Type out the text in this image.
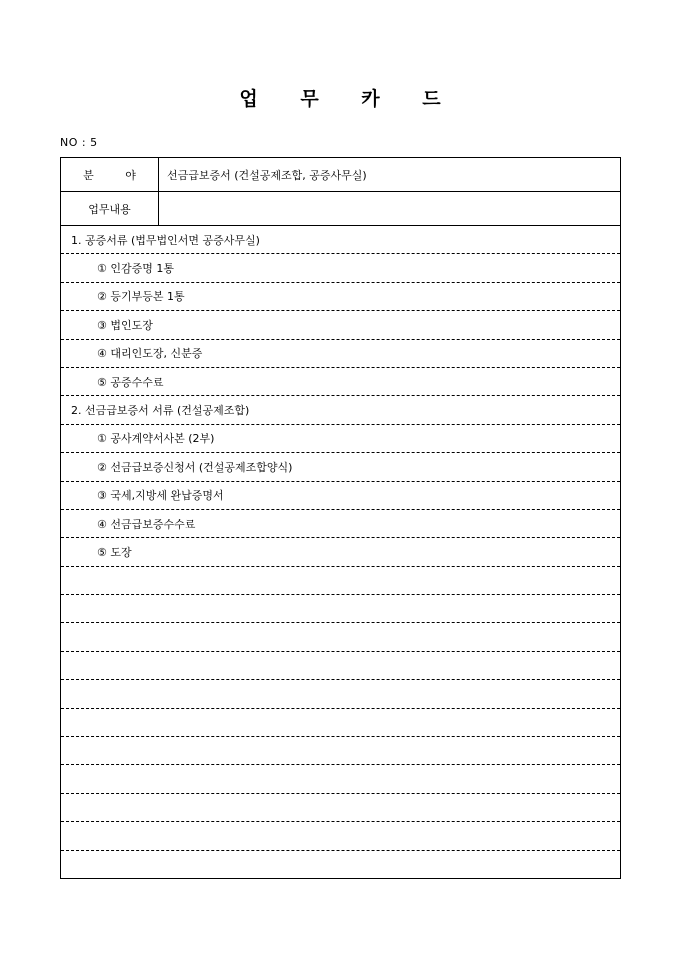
업 무 카 드
NO : 5
분 야	선금급보증서 (건설공제조합, 공증사무실)
업무내용
1. 공증서류 (법무법인서면 공증사무실)
① 인감증명 1통
② 등기부등본 1통
③ 법인도장
④ 대리인도장, 신분증
⑤ 공증수수료
2. 선금급보증서 서류 (건설공제조합)
① 공사계약서사본 (2부)
② 선금급보증신청서 (건설공제조합양식)
③ 국세,지방세 완납증명서
④ 선금급보증수수료
⑤ 도장
